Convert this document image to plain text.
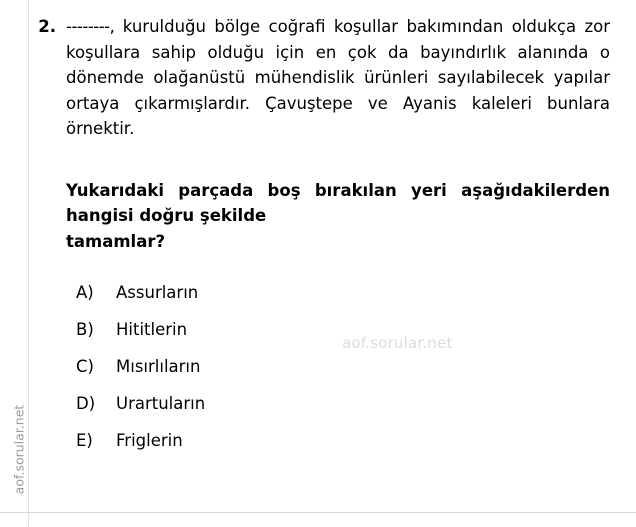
aof.sorular.net
2. --------, kurulduğu bölge coğrafi koşullar bakımından oldukça zor koşullara sahip olduğu için en çok da bayındırlık alanında o dönemde olağanüstü mühendislik ürünleri sayılabilecek yapılar ortaya çıkarmışlardır. Çavuştepe ve Ayanis kaleleri bunlara örnektir.

Yukarıdaki parçada boş bırakılan yeri aşağıdakilerden hangisi doğru şekilde
tamamlar?

A)	Assurların
B)	Hititlerin
C)	Mısırlıların
D)	Urartuların
E)	Friglerin
aof.sorular.net
